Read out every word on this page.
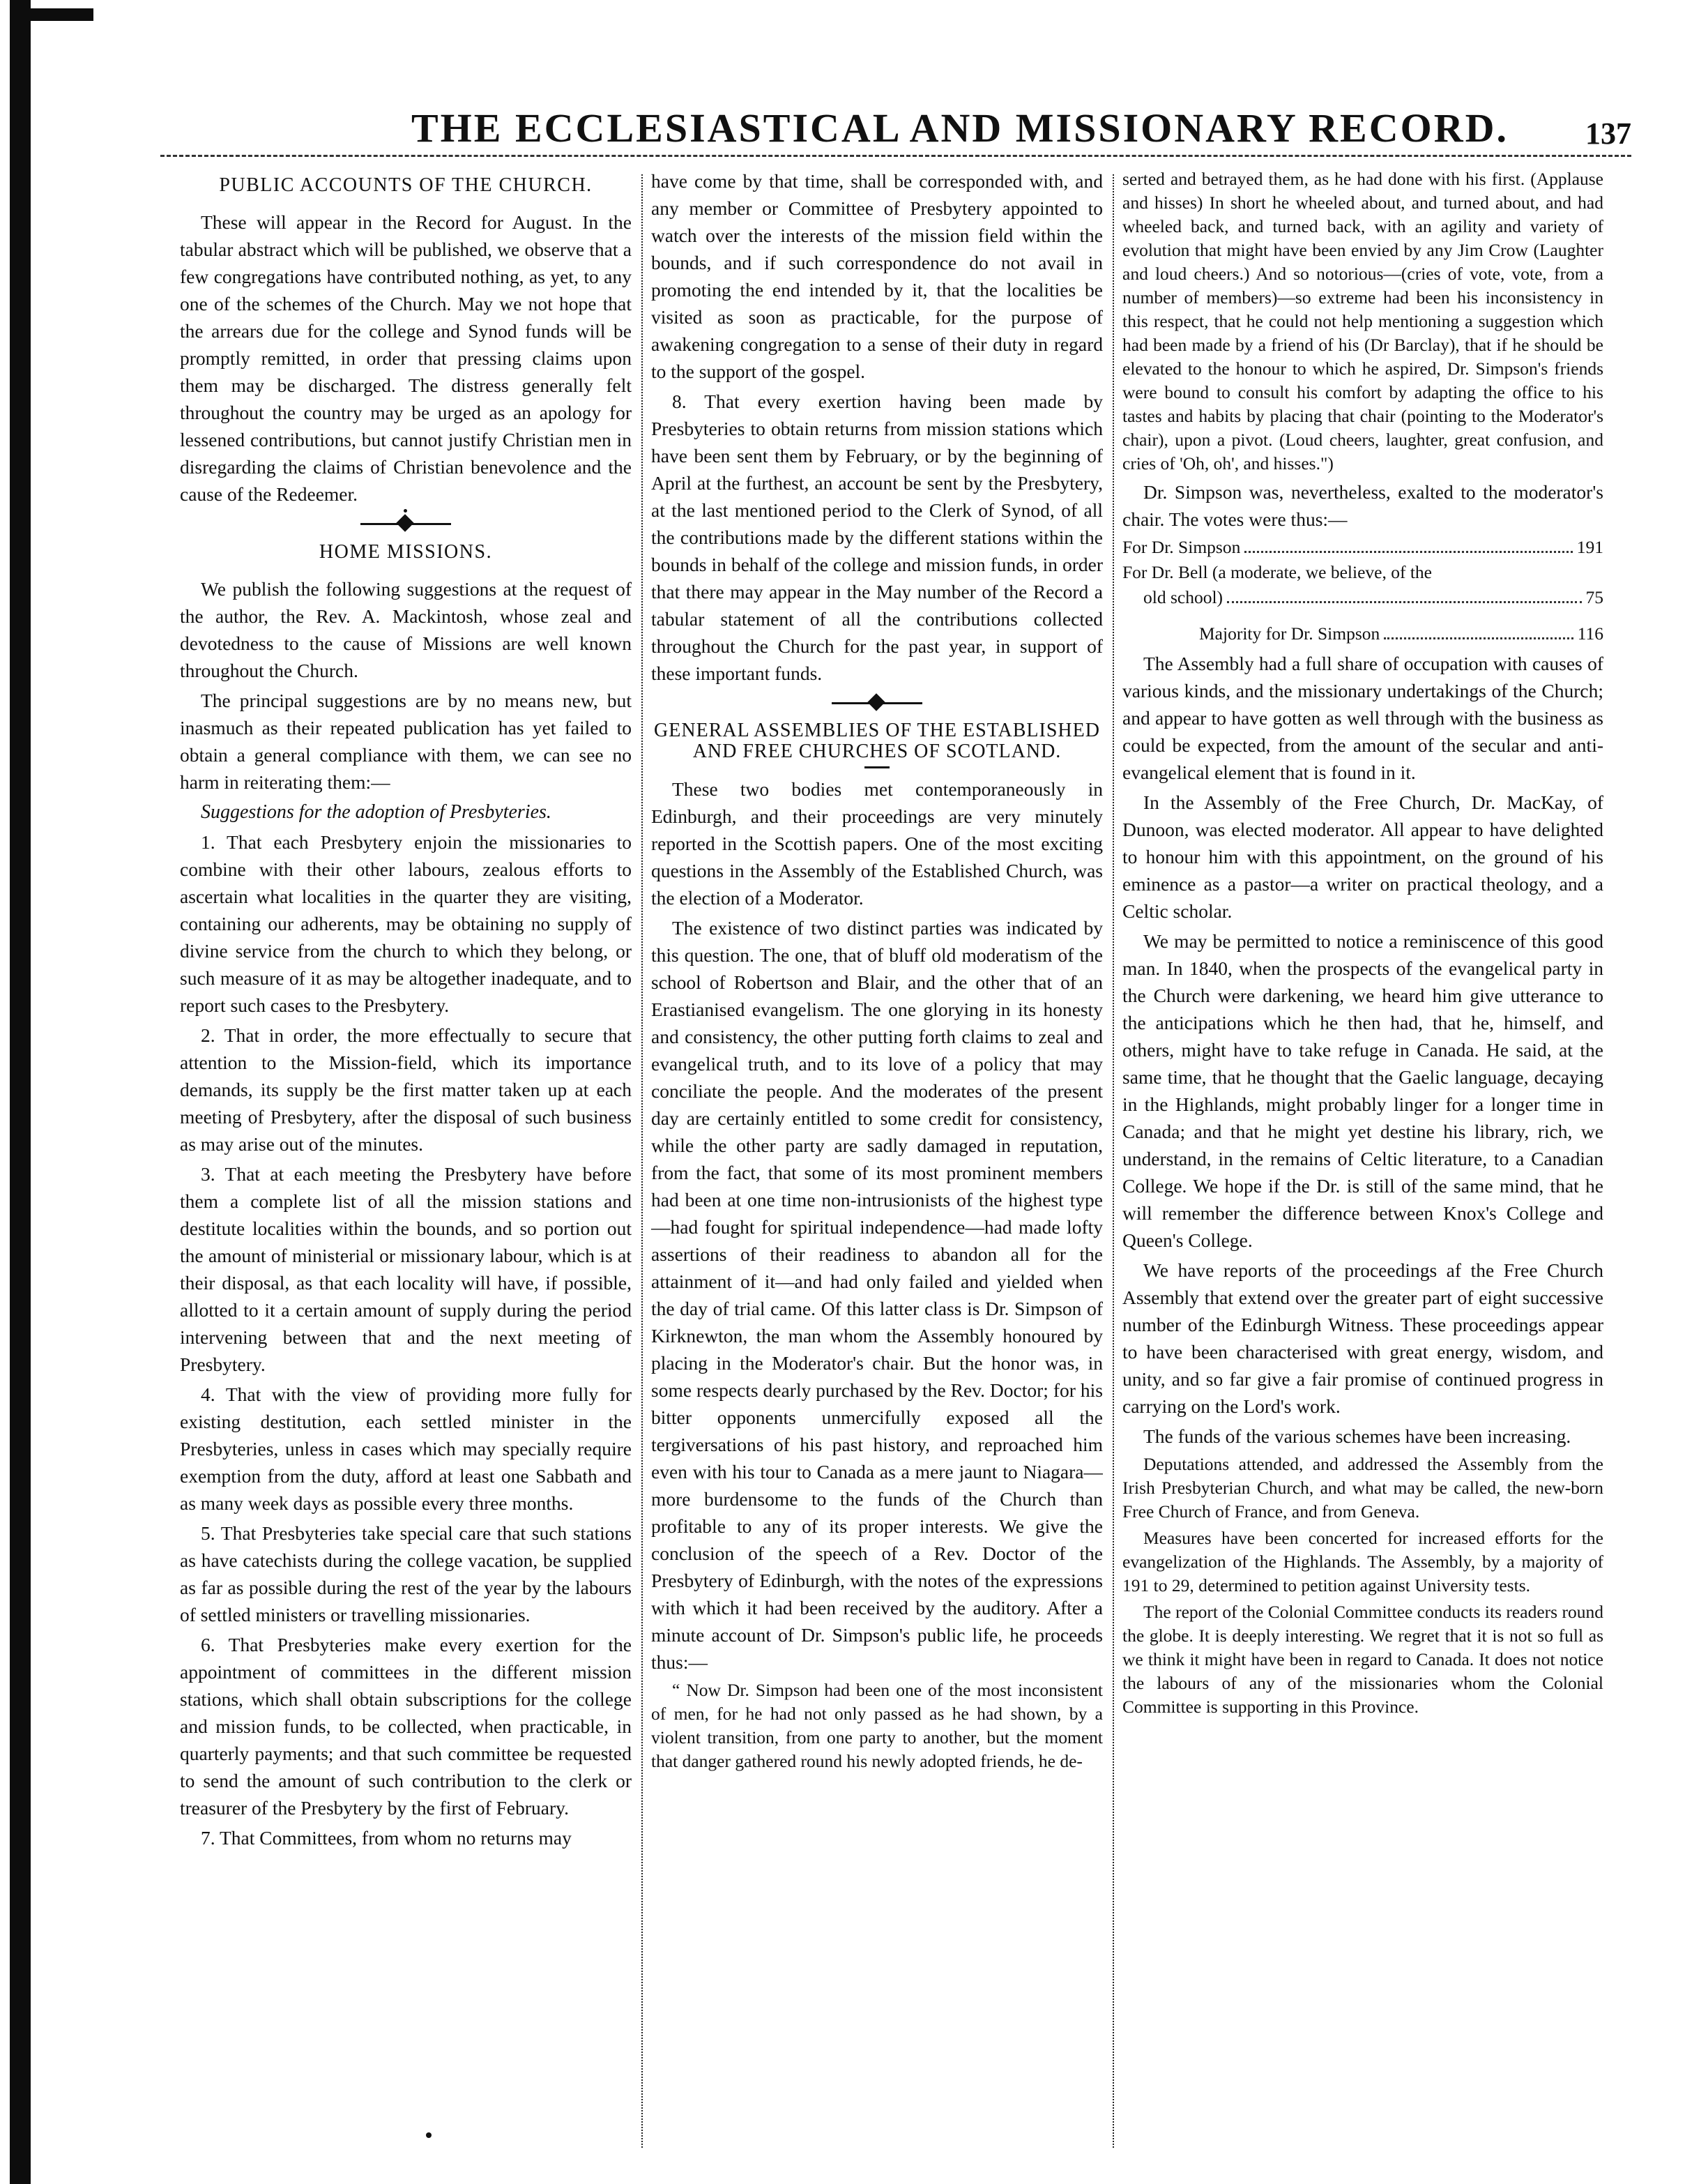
THE ECCLESIASTICAL AND MISSIONARY RECORD.	137
PUBLIC ACCOUNTS OF THE CHURCH.

These will appear in the Record for August. In the tabular abstract which will be published, we observe that a few congregations have contributed nothing, as yet, to any one of the schemes of the Church. May we not hope that the arrears due for the college and Synod funds will be promptly remitted, in order that pressing claims upon them may be discharged. The distress generally felt throughout the country may be urged as an apology for lessened contributions, but cannot justify Christian men in disregarding the claims of Christian benevolence and the cause of the Redeemer.

HOME MISSIONS.

We publish the following suggestions at the request of the author, the Rev. A. Mackintosh, whose zeal and devotedness to the cause of Missions are well known throughout the Church.

The principal suggestions are by no means new, but inasmuch as their repeated publication has yet failed to obtain a general compliance with them, we can see no harm in reiterating them:—

Suggestions for the adoption of Presbyteries.

1. That each Presbytery enjoin the missionaries to combine with their other labours, zealous efforts to ascertain what localities in the quarter they are visiting, containing our adherents, may be obtaining no supply of divine service from the church to which they belong, or such measure of it as may be altogether inadequate, and to report such cases to the Presbytery.

2. That in order, the more effectually to secure that attention to the Mission-field, which its importance demands, its supply be the first matter taken up at each meeting of Presbytery, after the disposal of such business as may arise out of the minutes.

3. That at each meeting the Presbytery have before them a complete list of all the mission stations and destitute localities within the bounds, and so portion out the amount of ministerial or missionary labour, which is at their disposal, as that each locality will have, if possible, allotted to it a certain amount of supply during the period intervening between that and the next meeting of Presbytery.

4. That with the view of providing more fully for existing destitution, each settled minister in the Presbyteries, unless in cases which may specially require exemption from the duty, afford at least one Sabbath and as many week days as possible every three months.

5. That Presbyteries take special care that such stations as have catechists during the college vacation, be supplied as far as possible during the rest of the year by the labours of settled ministers or travelling missionaries.

6. That Presbyteries make every exertion for the appointment of committees in the different mission stations, which shall obtain subscriptions for the college and mission funds, to be collected, when practicable, in quarterly payments; and that such committee be requested to send the amount of such contribution to the clerk or treasurer of the Presbytery by the first of February.

7. That Committees, from whom no returns may

have come by that time, shall be corresponded with, and any member or Committee of Presbytery appointed to watch over the interests of the mission field within the bounds, and if such correspondence do not avail in promoting the end intended by it, that the localities be visited as soon as practicable, for the purpose of awakening congregation to a sense of their duty in regard to the support of the gospel.

8. That every exertion having been made by Presbyteries to obtain returns from mission stations which have been sent them by February, or by the beginning of April at the furthest, an account be sent by the Presbytery, at the last mentioned period to the Clerk of Synod, of all the contributions made by the different stations within the bounds in behalf of the college and mission funds, in order that there may appear in the May number of the Record a tabular statement of all the contributions collected throughout the Church for the past year, in support of these important funds.

GENERAL ASSEMBLIES OF THE ESTABLISHED AND FREE CHURCHES OF SCOTLAND.

These two bodies met contemporaneously in Edinburgh, and their proceedings are very minutely reported in the Scottish papers. One of the most exciting questions in the Assembly of the Established Church, was the election of a Moderator.

The existence of two distinct parties was indicated by this question. The one, that of bluff old moderatism of the school of Robertson and Blair, and the other that of an Erastianised evangelism. The one glorying in its honesty and consistency, the other putting forth claims to zeal and evangelical truth, and to its love of a policy that may conciliate the people. And the moderates of the present day are certainly entitled to some credit for consistency, while the other party are sadly damaged in reputation, from the fact, that some of its most prominent members had been at one time non-intrusionists of the highest type—had fought for spiritual independence—had made lofty assertions of their readiness to abandon all for the attainment of it—and had only failed and yielded when the day of trial came. Of this latter class is Dr. Simpson of Kirknewton, the man whom the Assembly honoured by placing in the Moderator's chair. But the honor was, in some respects dearly purchased by the Rev. Doctor; for his bitter opponents unmercifully exposed all the tergiversations of his past history, and reproached him even with his tour to Canada as a mere jaunt to Niagara—more burdensome to the funds of the Church than profitable to any of its proper interests. We give the conclusion of the speech of a Rev. Doctor of the Presbytery of Edinburgh, with the notes of the expressions with which it had been received by the auditory. After a minute account of Dr. Simpson's public life, he proceeds thus:—

“ Now Dr. Simpson had been one of the most inconsistent of men, for he had not only passed as he had shown, by a violent transition, from one party to another, but the moment that danger gathered round his newly adopted friends, he de-

serted and betrayed them, as he had done with his first. (Applause and hisses) In short he wheeled about, and turned about, and had wheeled back, and turned back, with an agility and variety of evolution that might have been envied by any Jim Crow (Laughter and loud cheers.) And so notorious—(cries of vote, vote, from a number of members)—so extreme had been his inconsistency in this respect, that he could not help mentioning a suggestion which had been made by a friend of his (Dr Barclay), that if he should be elevated to the honour to which he aspired, Dr. Simpson's friends were bound to consult his comfort by adapting the office to his tastes and habits by placing that chair (pointing to the Moderator's chair), upon a pivot. (Loud cheers, laughter, great confusion, and cries of 'Oh, oh', and hisses.")

Dr. Simpson was, nevertheless, exalted to the moderator's chair. The votes were thus:—

For Dr. Simpson	191
For Dr. Bell (a moderate, we believe, of the
old school)	75
Majority for Dr. Simpson	116

The Assembly had a full share of occupation with causes of various kinds, and the missionary undertakings of the Church; and appear to have gotten as well through with the business as could be expected, from the amount of the secular and anti-evangelical element that is found in it.

In the Assembly of the Free Church, Dr. MacKay, of Dunoon, was elected moderator. All appear to have delighted to honour him with this appointment, on the ground of his eminence as a pastor—a writer on practical theology, and a Celtic scholar.

We may be permitted to notice a reminiscence of this good man. In 1840, when the prospects of the evangelical party in the Church were darkening, we heard him give utterance to the anticipations which he then had, that he, himself, and others, might have to take refuge in Canada. He said, at the same time, that he thought that the Gaelic language, decaying in the Highlands, might probably linger for a longer time in Canada; and that he might yet destine his library, rich, we understand, in the remains of Celtic literature, to a Canadian College. We hope if the Dr. is still of the same mind, that he will remember the difference between Knox's College and Queen's College.

We have reports of the proceedings af the Free Church Assembly that extend over the greater part of eight successive number of the Edinburgh Witness. These proceedings appear to have been characterised with great energy, wisdom, and unity, and so far give a fair promise of continued progress in carrying on the Lord's work.

The funds of the various schemes have been increasing.

Deputations attended, and addressed the Assembly from the Irish Presbyterian Church, and what may be called, the new-born Free Church of France, and from Geneva.

Measures have been concerted for increased efforts for the evangelization of the Highlands. The Assembly, by a majority of 191 to 29, determined to petition against University tests.

The report of the Colonial Committee conducts its readers round the globe. It is deeply interesting. We regret that it is not so full as we think it might have been in regard to Canada. It does not notice the labours of any of the missionaries whom the Colonial Committee is supporting in this Province.
